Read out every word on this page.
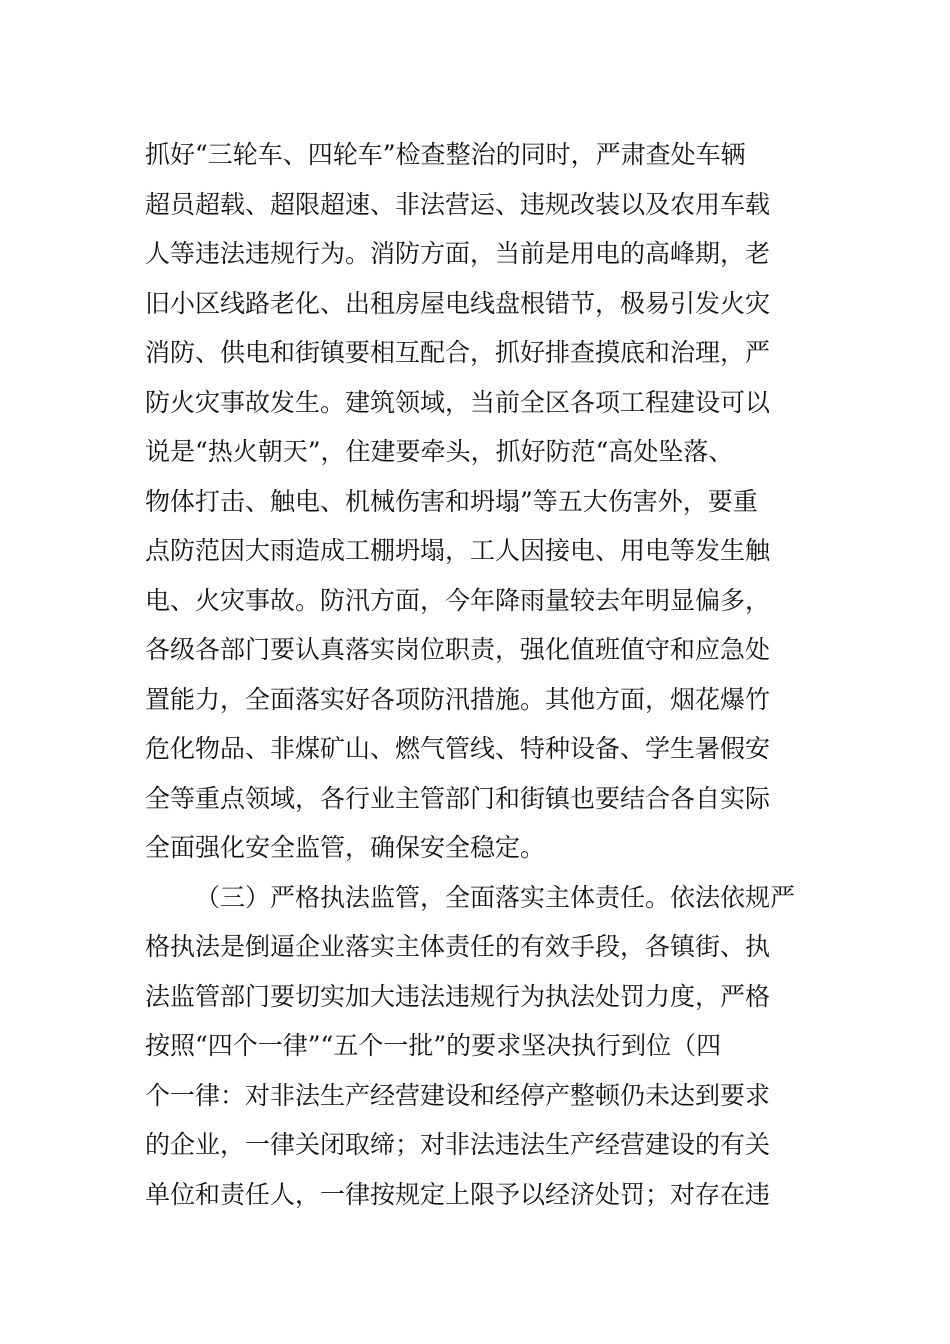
抓好“三轮车、四轮车”检查整治的同时，严肃查处车辆
超员超载、超限超速、非法营运、违规改装以及农用车载
人等违法违规行为。消防方面，当前是用电的高峰期，老
旧小区线路老化、出租房屋电线盘根错节，极易引发火灾
消防、供电和街镇要相互配合，抓好排查摸底和治理，严
防火灾事故发生。建筑领域，当前全区各项工程建设可以
说是“热火朝天”，住建要牵头，抓好防范“高处坠落、
物体打击、触电、机械伤害和坍塌”等五大伤害外，要重
点防范因大雨造成工棚坍塌，工人因接电、用电等发生触
电、火灾事故。防汛方面，今年降雨量较去年明显偏多，
各级各部门要认真落实岗位职责，强化值班值守和应急处
置能力，全面落实好各项防汛措施。其他方面，烟花爆竹
危化物品、非煤矿山、燃气管线、特种设备、学生暑假安
全等重点领域，各行业主管部门和街镇也要结合各自实际
全面强化安全监管，确保安全稳定。
（三）严格执法监管，全面落实主体责任。依法依规严
格执法是倒逼企业落实主体责任的有效手段，各镇街、执
法监管部门要切实加大违法违规行为执法处罚力度，严格
按照“四个一律”“五个一批”的要求坚决执行到位（四
个一律：对非法生产经营建设和经停产整顿仍未达到要求
的企业，一律关闭取缔；对非法违法生产经营建设的有关
单位和责任人，一律按规定上限予以经济处罚；对存在违
